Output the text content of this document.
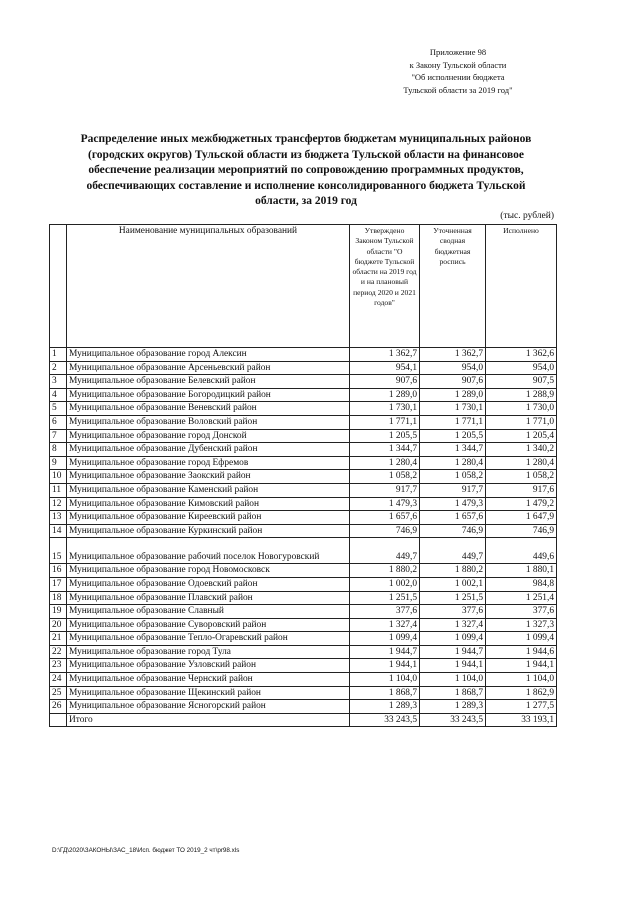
Приложение 98
к Закону Тульской области
"Об исполнении бюджета
Тульской области за 2019 год"
Распределение иных межбюджетных трансфертов бюджетам муниципальных районов
(городских округов) Тульской области из бюджета Тульской области на финансовое
обеспечение реализации мероприятий по сопровождению программных продуктов,
обеспечивающих составление и исполнение консолидированного бюджета Тульской
области, за 2019 год
(тыс. рублей)
	Наименование муниципальных образований	Утверждено Законом Тульской области "О бюджете Тульской области на 2019 год и на плановый период 2020 и 2021 годов"	Уточненная сводная бюджетная роспись	Исполнено
1	Муниципальное образование город Алексин	1 362,7	1 362,7	1 362,6
2	Муниципальное образование Арсеньевский район	954,1	954,0	954,0
3	Муниципальное образование Белевский район	907,6	907,6	907,5
4	Муниципальное образование Богородицкий район	1 289,0	1 289,0	1 288,9
5	Муниципальное образование Веневский район	1 730,1	1 730,1	1 730,0
6	Муниципальное образование Воловский район	1 771,1	1 771,1	1 771,0
7	Муниципальное образование город Донской	1 205,5	1 205,5	1 205,4
8	Муниципальное образование Дубенский район	1 344,7	1 344,7	1 340,2
9	Муниципальное образование город Ефремов	1 280,4	1 280,4	1 280,4
10	Муниципальное образование Заокский район	1 058,2	1 058,2	1 058,2
11	Муниципальное образование Каменский район	917,7	917,7	917,6
12	Муниципальное образование Кимовский район	1 479,3	1 479,3	1 479,2
13	Муниципальное образование Киреевский район	1 657,6	1 657,6	1 647,9
14	Муниципальное образование Куркинский район	746,9	746,9	746,9
15	Муниципальное образование рабочий поселок Новогуровский	449,7	449,7	449,6
16	Муниципальное образование город Новомосковск	1 880,2	1 880,2	1 880,1
17	Муниципальное образование Одоевский район	1 002,0	1 002,1	984,8
18	Муниципальное образование Плавский район	1 251,5	1 251,5	1 251,4
19	Муниципальное образование Славный	377,6	377,6	377,6
20	Муниципальное образование Суворовский район	1 327,4	1 327,4	1 327,3
21	Муниципальное образование Тепло-Огаревский район	1 099,4	1 099,4	1 099,4
22	Муниципальное образование город Тула	1 944,7	1 944,7	1 944,6
23	Муниципальное образование Узловский район	1 944,1	1 944,1	1 944,1
24	Муниципальное образование Чернский район	1 104,0	1 104,0	1 104,0
25	Муниципальное образование Щекинский район	1 868,7	1 868,7	1 862,9
26	Муниципальное образование Ясногорский район	1 289,3	1 289,3	1 277,5
	Итого	33 243,5	33 243,5	33 193,1
D:\ГД\2020\ЗАКОНЫ\ЗАС_18\Исп. бюджет ТО 2019_2 чт\pr98.xls
